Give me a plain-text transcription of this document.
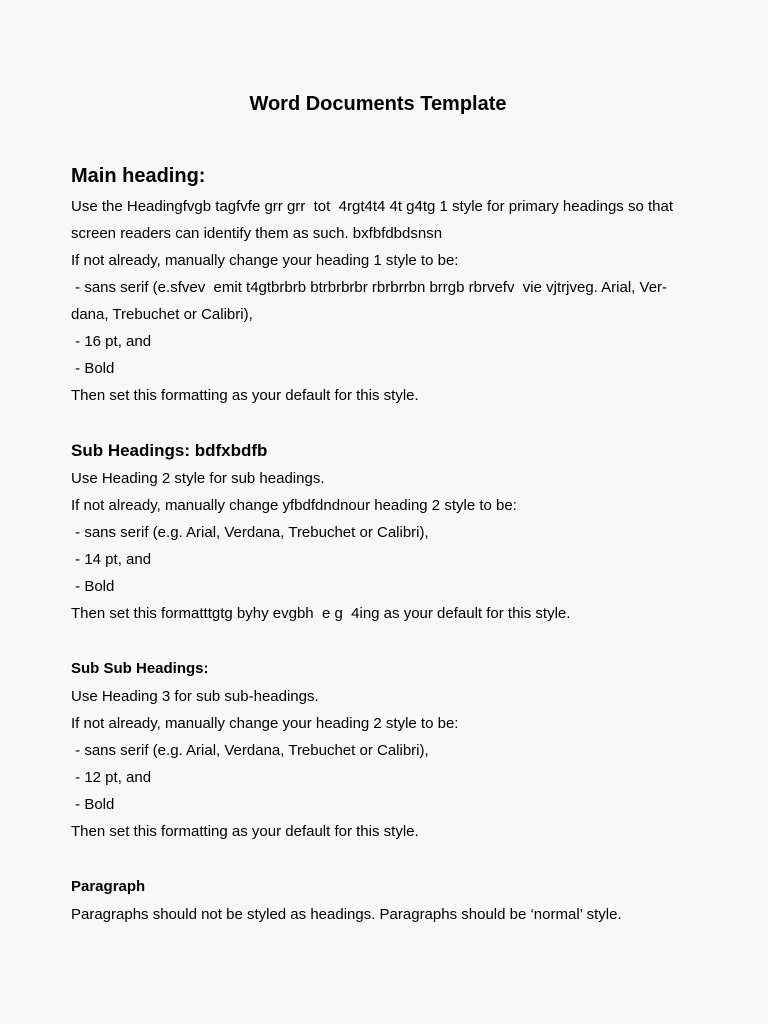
Word Documents Template
Main heading:
Use the Headingfvgb tagfvfe grr grr  tot  4rgt4t4 4t g4tg 1 style for primary headings so that
screen readers can identify them as such. bxfbfdbdsnsn
If not already, manually change your heading 1 style to be:
- sans serif (e.sfvev  emit t4gtbrbrb btrbrbrbr rbrbrrbn brrgb rbrvefv  vie vjtrjveg. Arial, Ver-
dana, Trebuchet or Calibri),
- 16 pt, and
- Bold
Then set this formatting as your default for this style.
Sub Headings: bdfxbdfb
Use Heading 2 style for sub headings.
If not already, manually change yfbdfdndnour heading 2 style to be:
- sans serif (e.g. Arial, Verdana, Trebuchet or Calibri),
- 14 pt, and
- Bold
Then set this formatttgtg byhy evgbh  e g  4ing as your default for this style.
Sub Sub Headings:
Use Heading 3 for sub sub-headings.
If not already, manually change your heading 2 style to be:
- sans serif (e.g. Arial, Verdana, Trebuchet or Calibri),
- 12 pt, and
- Bold
Then set this formatting as your default for this style.
Paragraph
Paragraphs should not be styled as headings. Paragraphs should be ‘normal’ style.
